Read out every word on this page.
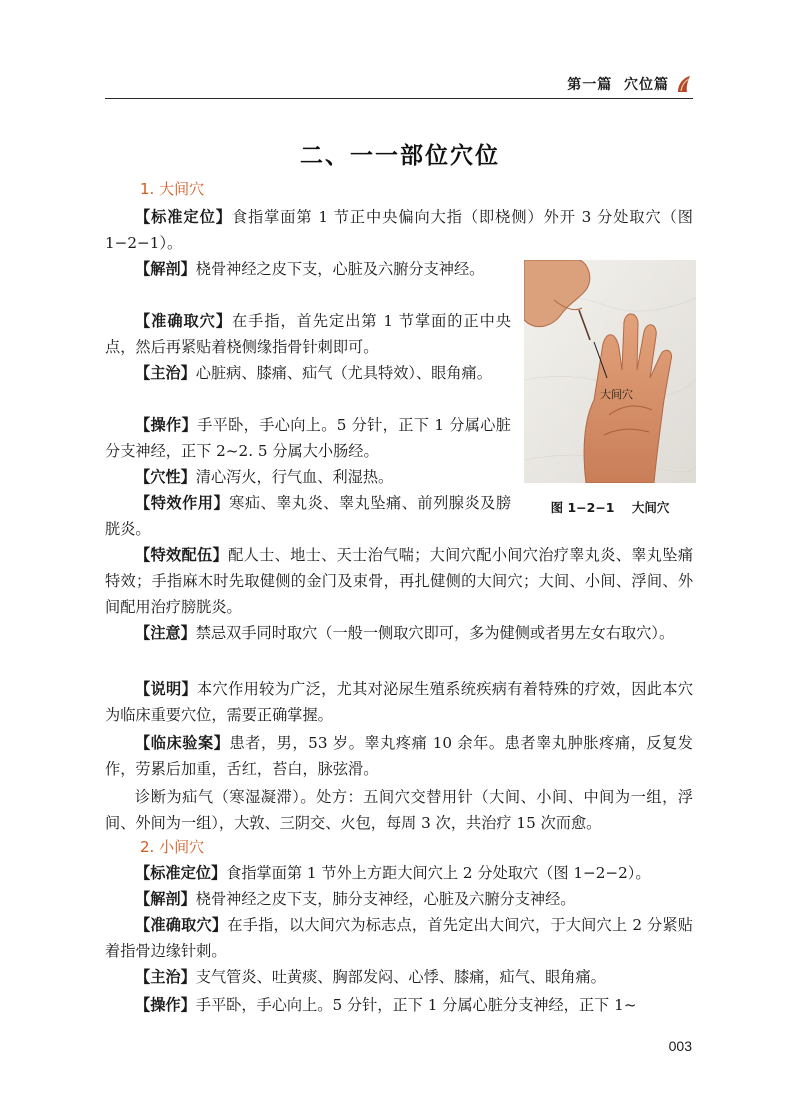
第一篇  穴位篇
二、一一部位穴位
1. 大间穴

【标准定位】食指掌面第 1 节正中央偏向大指（即桡侧）外开 3 分处取穴（图 1−2−1）。

【解剖】桡骨神经之皮下支，心脏及六腑分支神经。

【准确取穴】在手指，首先定出第 1 节掌面的正中央点，然后再紧贴着桡侧缘指骨针刺即可。

【主治】心脏病、膝痛、疝气（尤具特效）、眼角痛。

【操作】手平卧，手心向上。5 分针，正下 1 分属心脏分支神经，正下 2~2. 5 分属大小肠经。

【穴性】清心泻火，行气血、利湿热。

【特效作用】寒疝、睾丸炎、睾丸坠痛、前列腺炎及膀胱炎。

【特效配伍】配人士、地士、天士治气喘；大间穴配小间穴治疗睾丸炎、睾丸坠痛特效；手指麻木时先取健侧的金门及束骨，再扎健侧的大间穴；大间、小间、浮间、外间配用治疗膀胱炎。

【注意】禁忌双手同时取穴（一般一侧取穴即可，多为健侧或者男左女右取穴）。

【说明】本穴作用较为广泛，尤其对泌尿生殖系统疾病有着特殊的疗效，因此本穴为临床重要穴位，需要正确掌握。

【临床验案】患者，男，53 岁。睾丸疼痛 10 余年。患者睾丸肿胀疼痛，反复发作，劳累后加重，舌红，苔白，脉弦滑。

诊断为疝气（寒湿凝滞）。处方：五间穴交替用针（大间、小间、中间为一组，浮间、外间为一组），大敦、三阴交、火包，每周 3 次，共治疗 15 次而愈。

2. 小间穴

【标准定位】食指掌面第 1 节外上方距大间穴上 2 分处取穴（图 1−2−2）。

【解剖】桡骨神经之皮下支，肺分支神经，心脏及六腑分支神经。

【准确取穴】在手指，以大间穴为标志点，首先定出大间穴，于大间穴上 2 分紧贴着指骨边缘针刺。

【主治】支气管炎、吐黄痰、胸部发闷、心悸、膝痛，疝气、眼角痛。

【操作】手平卧，手心向上。5 分针，正下 1 分属心脏分支神经，正下 1~

大间穴
图 1−2−1    大间穴
003
